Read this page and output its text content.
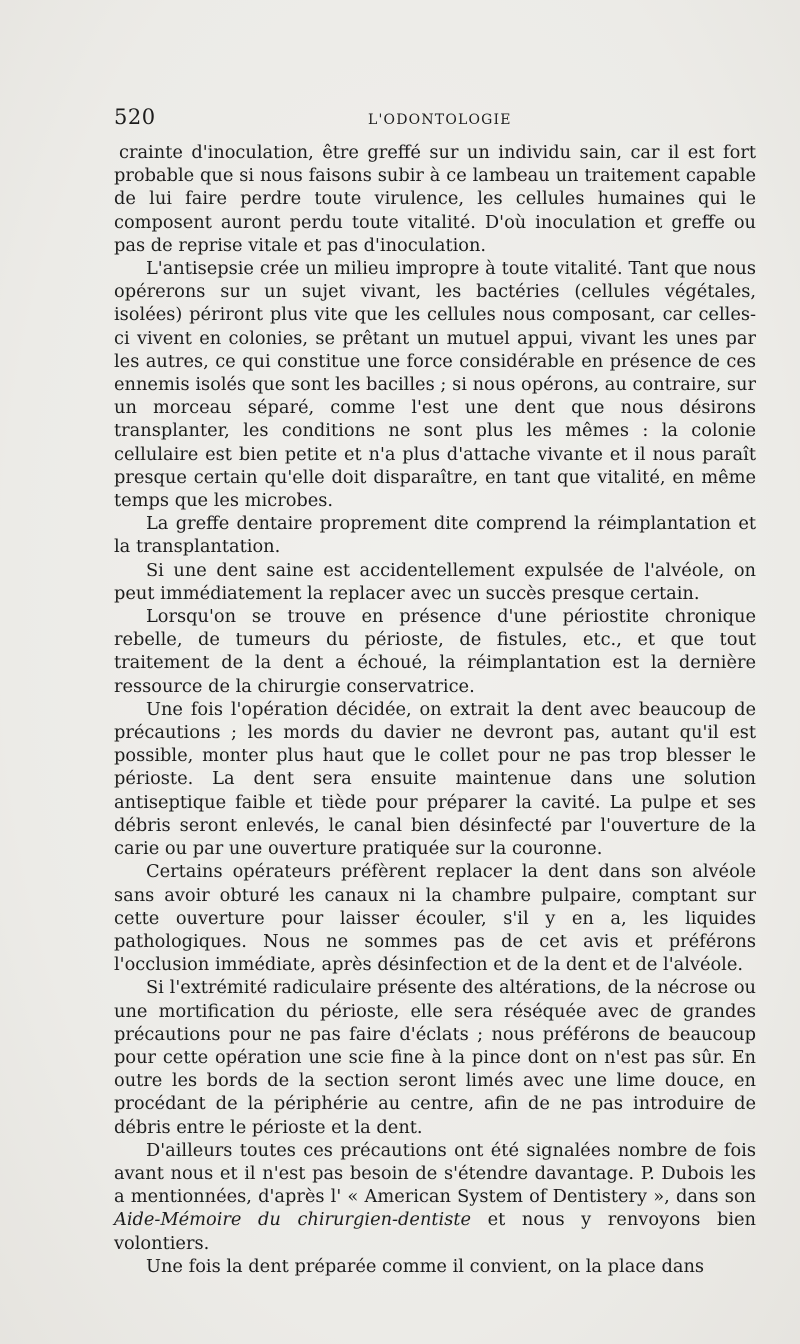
520	L'ODONTOLOGIE

crainte d'inoculation, être greffé sur un individu sain, car il est fort probable que si nous faisons subir à ce lambeau un traitement capable de lui faire perdre toute virulence, les cellules humaines qui le composent auront perdu toute vitalité. D'où inoculation et greffe ou pas de reprise vitale et pas d'inoculation.

L'antisepsie crée un milieu impropre à toute vitalité. Tant que nous opérerons sur un sujet vivant, les bactéries (cellules végétales, isolées) périront plus vite que les cellules nous composant, car celles-ci vivent en colonies, se prêtant un mutuel appui, vivant les unes par les autres, ce qui constitue une force considérable en présence de ces ennemis isolés que sont les bacilles ; si nous opérons, au contraire, sur un morceau séparé, comme l'est une dent que nous désirons transplanter, les conditions ne sont plus les mêmes : la colonie cellulaire est bien petite et n'a plus d'attache vivante et il nous paraît presque certain qu'elle doit disparaître, en tant que vitalité, en même temps que les microbes.

La greffe dentaire proprement dite comprend la réimplantation et la transplantation.

Si une dent saine est accidentellement expulsée de l'alvéole, on peut immédiatement la replacer avec un succès presque certain.

Lorsqu'on se trouve en présence d'une périostite chronique rebelle, de tumeurs du périoste, de fistules, etc., et que tout traitement de la dent a échoué, la réimplantation est la dernière ressource de la chirurgie conservatrice.

Une fois l'opération décidée, on extrait la dent avec beaucoup de précautions ; les mords du davier ne devront pas, autant qu'il est possible, monter plus haut que le collet pour ne pas trop blesser le périoste. La dent sera ensuite maintenue dans une solution antiseptique faible et tiède pour préparer la cavité. La pulpe et ses débris seront enlevés, le canal bien désinfecté par l'ouverture de la carie ou par une ouverture pratiquée sur la couronne.

Certains opérateurs préfèrent replacer la dent dans son alvéole sans avoir obturé les canaux ni la chambre pulpaire, comptant sur cette ouverture pour laisser écouler, s'il y en a, les liquides pathologiques. Nous ne sommes pas de cet avis et préférons l'occlusion immédiate, après désinfection et de la dent et de l'alvéole.

Si l'extrémité radiculaire présente des altérations, de la nécrose ou une mortification du périoste, elle sera réséquée avec de grandes précautions pour ne pas faire d'éclats ; nous préférons de beaucoup pour cette opération une scie fine à la pince dont on n'est pas sûr. En outre les bords de la section seront limés avec une lime douce, en procédant de la périphérie au centre, afin de ne pas introduire de débris entre le périoste et la dent.

D'ailleurs toutes ces précautions ont été signalées nombre de fois avant nous et il n'est pas besoin de s'étendre davantage. P. Dubois les a mentionnées, d'après l' « American System of Dentistery », dans son Aide-Mémoire du chirurgien-dentiste et nous y renvoyons bien volontiers.

Une fois la dent préparée comme il convient, on la place dans
